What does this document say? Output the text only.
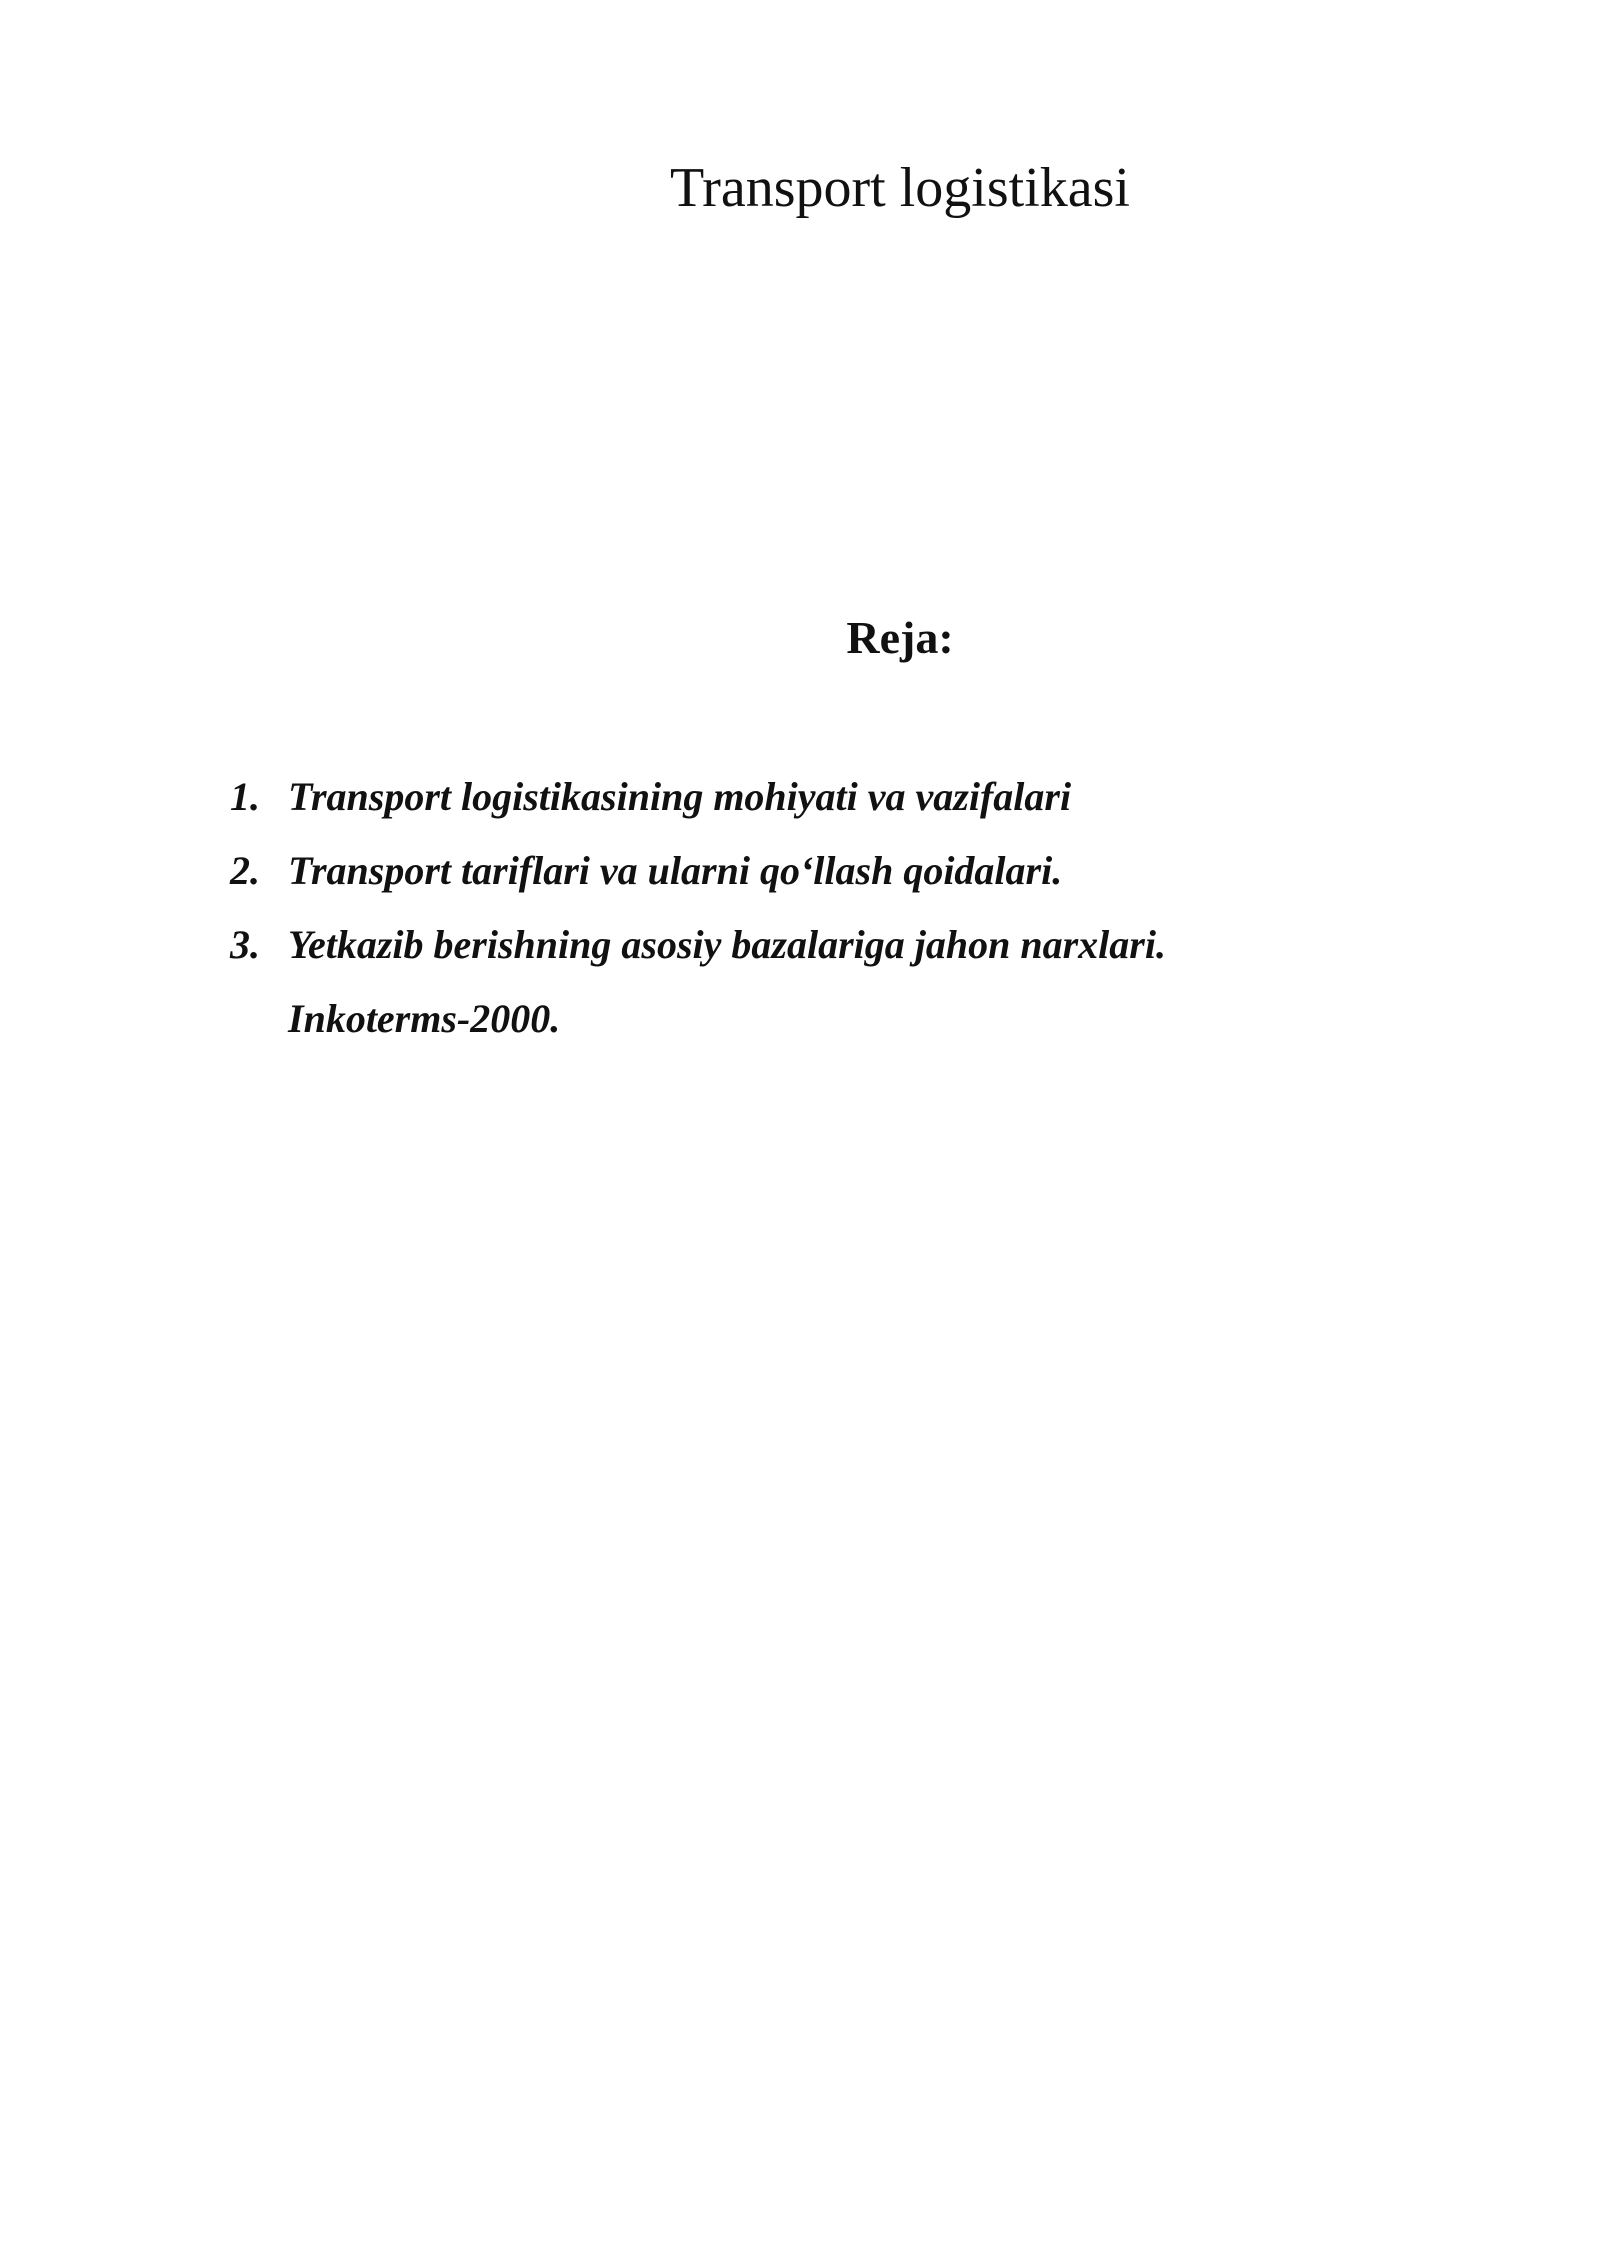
Transport logistikasi
Reja:
1. Transport logistikasining mohiyati va vazifalari
2. Transport tariflari va ularni qo‘llash qoidalari.
3. Yetkazib berishning asosiy bazalariga jahon narxlari. Inkoterms-2000.
